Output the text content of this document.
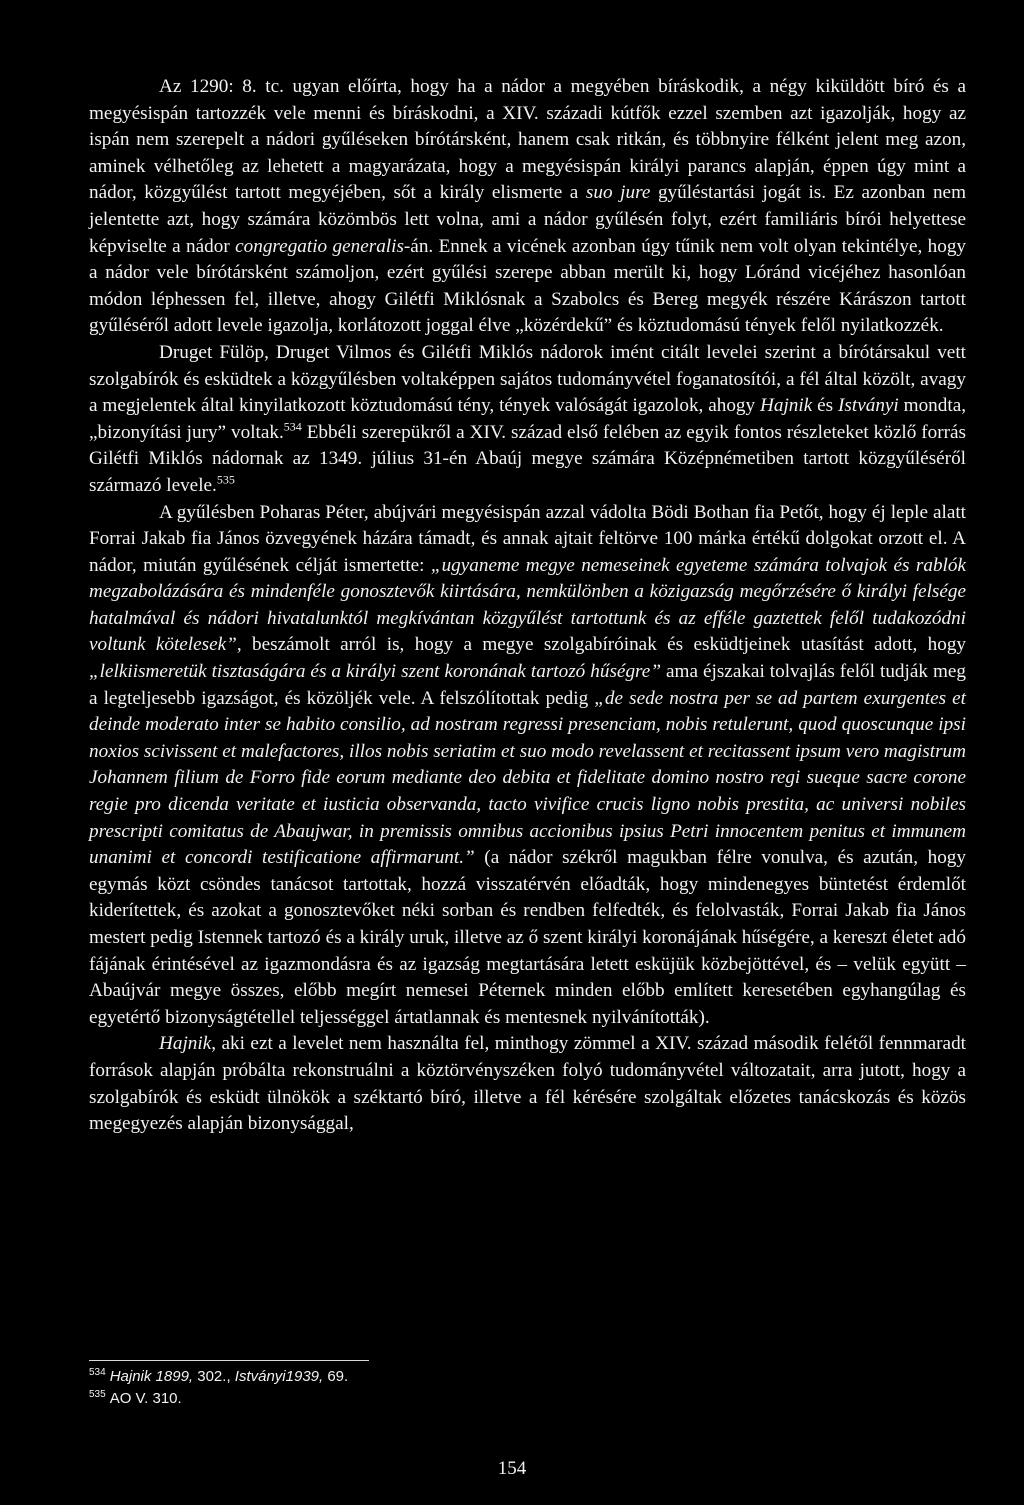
Az 1290: 8. tc. ugyan előírta, hogy ha a nádor a megyében bíráskodik, a négy kiküldött bíró és a megyésispán tartozzék vele menni és bíráskodni, a XIV. századi kútfők ezzel szemben azt igazolják, hogy az ispán nem szerepelt a nádori gyűléseken bírótársként, hanem csak ritkán, és többnyire félként jelent meg azon, aminek vélhetőleg az lehetett a magyarázata, hogy a megyésispán királyi parancs alapján, éppen úgy mint a nádor, közgyűlést tartott megyéjében, sőt a király elismerte a suo jure gyűléstartási jogát is. Ez azonban nem jelentette azt, hogy számára közömbös lett volna, ami a nádor gyűlésén folyt, ezért familiáris bírói helyettese képviselte a nádor congregatio generalis-án. Ennek a vicének azonban úgy tűnik nem volt olyan tekintélye, hogy a nádor vele bírótársként számoljon, ezért gyűlési szerepe abban merült ki, hogy Lóránd vicéjéhez hasonlóan módon léphessen fel, illetve, ahogy Gilétfi Miklósnak a Szabolcs és Bereg megyék részére Kárászon tartott gyűléséről adott levele igazolja, korlátozott joggal élve „közérdekű” és köztudomású tények felől nyilatkozzék.

Druget Fülöp, Druget Vilmos és Gilétfi Miklós nádorok imént citált levelei szerint a bírótársakul vett szolgabírók és esküdtek a közgyűlésben voltaképpen sajátos tudományvétel foganatosítói, a fél által közölt, avagy a megjelentek által kinyilatkozott köztudomású tény, tények valóságát igazolok, ahogy Hajnik és Istványi mondta, „bizonyítási jury” voltak.$^{534}$ Ebbéli szerepükről a XIV. század első felében az egyik fontos részleteket közlő forrás Gilétfi Miklós nádornak az 1349. július 31-én Abaúj megye számára Középnémetiben tartott közgyűléséről származó levele.$^{535}$

A gyűlésben Poharas Péter, abújvári megyésispán azzal vádolta Bödi Bothan fia Petőt, hogy éj leple alatt Forrai Jakab fia János özvegyének házára támadt, és annak ajtait feltörve 100 márka értékű dolgokat orzott el. A nádor, miután gyűlésének célját ismertette: „ugyaneme megye nemeseinek egyeteme számára tolvajok és rablók megzabolázására és mindenféle gonosztevők kiirtására, nemkülönben a közigazság megőrzésére ő királyi felsége hatalmával és nádori hivatalunktól megkívántan közgyűlést tartottunk és az efféle gaztettek felől tudakozódni voltunk kötelesek”, beszámolt arról is, hogy a megye szolgabíróinak és esküdtjeinek utasítást adott, hogy „lelkiismeretük tisztaságára és a királyi szent koronának tartozó hűségre” ama éjszakai tolvajlás felől tudják meg a legteljesebb igazságot, és közöljék vele. A felszólítottak pedig „de sede nostra per se ad partem exurgentes et deinde moderato inter se habito consilio, ad nostram regressi presenciam, nobis retulerunt, quod quoscunque ipsi noxios scivissent et malefactores, illos nobis seriatim et suo modo revelassent et recitassent ipsum vero magistrum Johannem filium de Forro fide eorum mediante deo debita et fidelitate domino nostro regi sueque sacre corone regie pro dicenda veritate et iusticia observanda, tacto vivifice crucis ligno nobis prestita, ac universi nobiles prescripti comitatus de Abaujwar, in premissis omnibus accionibus ipsius Petri innocentem penitus et immunem unanimi et concordi testificatione affirmarunt.” (a nádor székről magukban félre vonulva, és azután, hogy egymás közt csöndes tanácsot tartottak, hozzá visszatérvén előadták, hogy mindenegyes büntetést érdemlőt kiderítettek, és azokat a gonosztevőket néki sorban és rendben felfedték, és felolvasták, Forrai Jakab fia János mestert pedig Istennek tartozó és a király uruk, illetve az ő szent királyi koronájának hűségére, a kereszt életet adó fájának érintésével az igazmondásra és az igazság megtartására letett esküjük közbejöttével, és – velük együtt – Abaújvár megye összes, előbb megírt nemesei Péternek minden előbb említett keresetében egyhangúlag és egyetértő bizonyságtétellel teljességgel ártatlannak és mentesnek nyilvánították).

Hajnik, aki ezt a levelet nem használta fel, minthogy zömmel a XIV. század második felétől fennmaradt források alapján próbálta rekonstruálni a köztörvényszéken folyó tudományvétel változatait, arra jutott, hogy a szolgabírók és esküdt ülnökök a széktartó bíró, illetve a fél kérésére szolgáltak előzetes tanácskozás és közös megegyezés alapján bizonysággal,

$^{534}$ Hajnik 1899, 302., Istványi1939, 69.
$^{535}$ AO V. 310.
154
